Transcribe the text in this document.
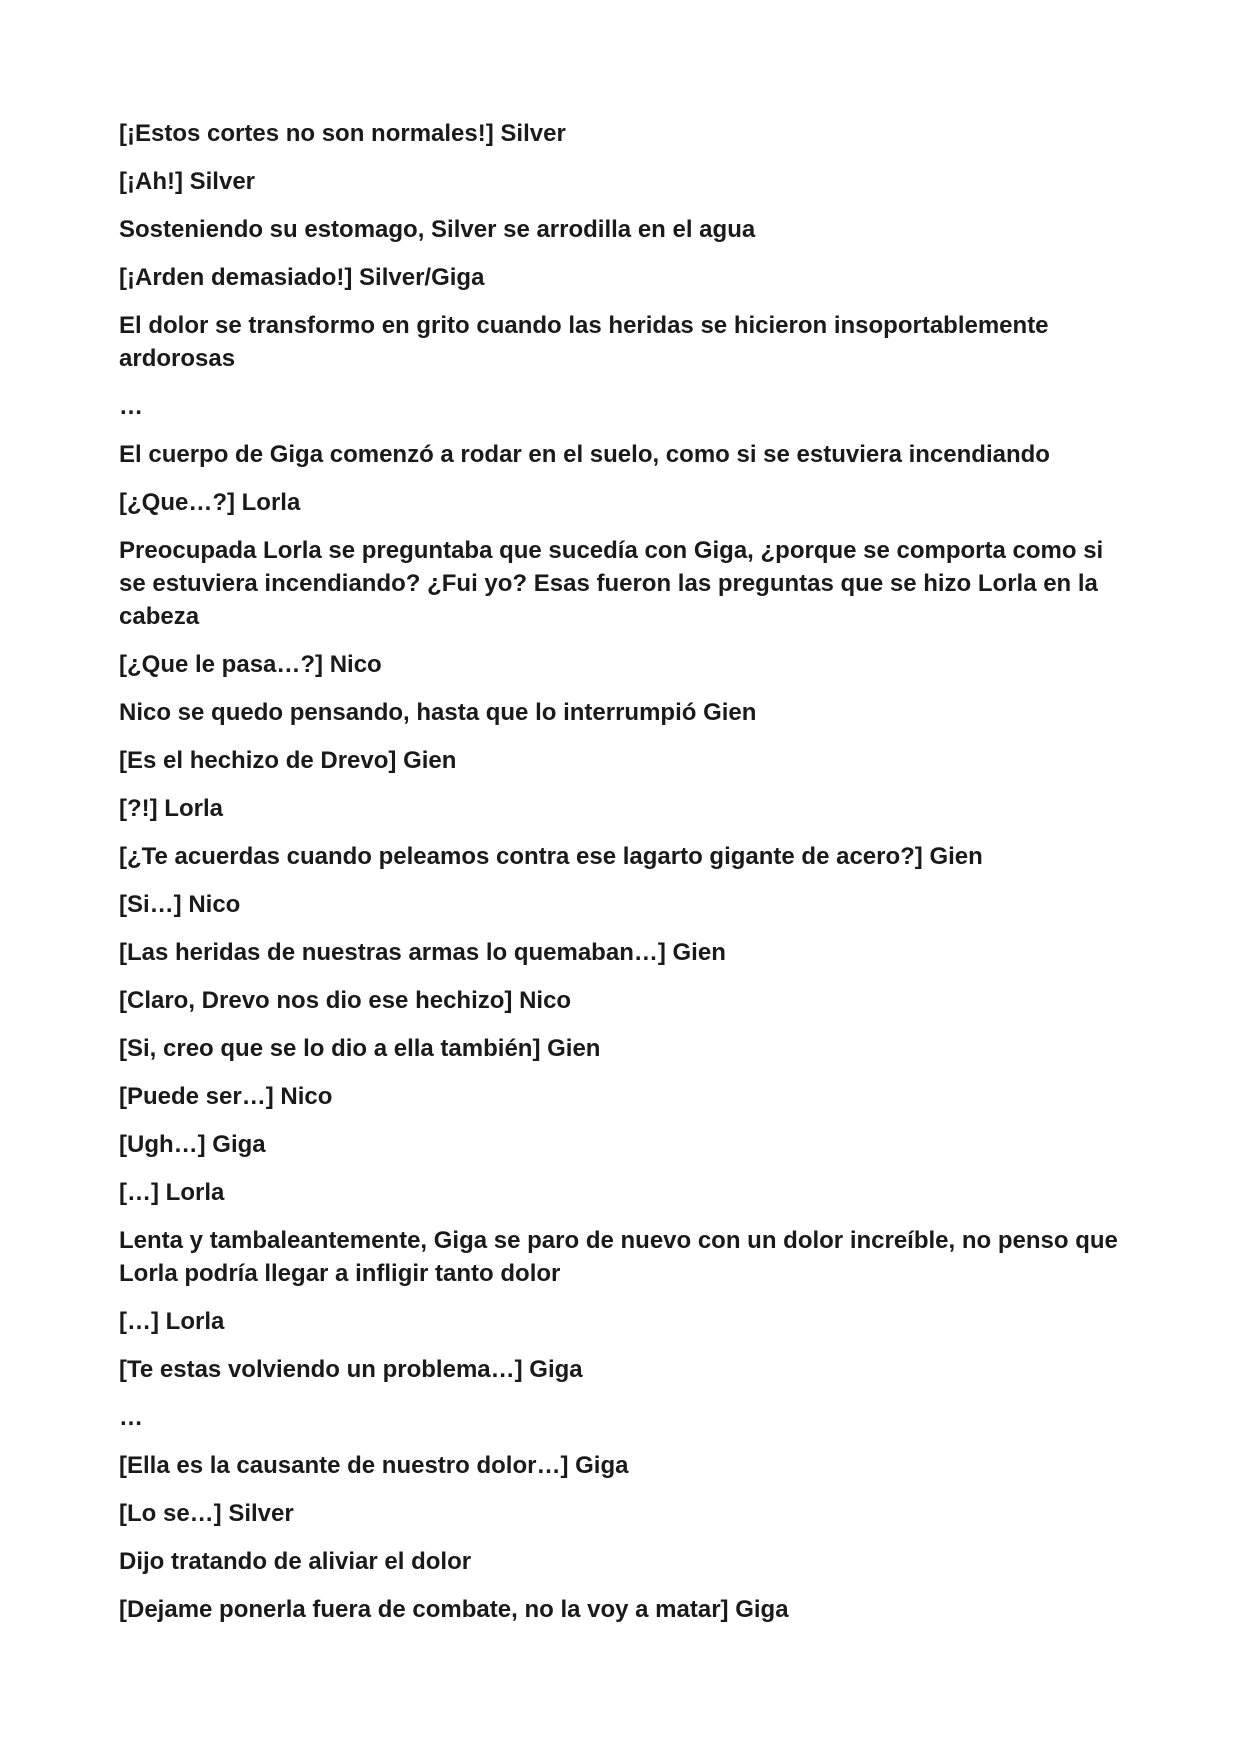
[¡Estos cortes no son normales!] Silver

[¡Ah!] Silver

Sosteniendo su estomago, Silver se arrodilla en el agua

[¡Arden demasiado!] Silver/Giga

El dolor se transformo en grito cuando las heridas se hicieron insoportablemente ardorosas

…

El cuerpo de Giga comenzó a rodar en el suelo, como si se estuviera incendiando

[¿Que…?] Lorla

Preocupada Lorla se preguntaba que sucedía con Giga, ¿porque se comporta como si se estuviera incendiando? ¿Fui yo? Esas fueron las preguntas que se hizo Lorla en la cabeza

[¿Que le pasa…?] Nico

Nico se quedo pensando, hasta que lo interrumpió Gien

[Es el hechizo de Drevo] Gien

[?!] Lorla

[¿Te acuerdas cuando peleamos contra ese lagarto gigante de acero?] Gien

[Si…] Nico

[Las heridas de nuestras armas lo quemaban…] Gien

[Claro, Drevo nos dio ese hechizo] Nico

[Si, creo que se lo dio a ella también] Gien

[Puede ser…] Nico

[Ugh…] Giga

[…] Lorla

Lenta y tambaleantemente, Giga se paro de nuevo con un dolor increíble, no penso que Lorla podría llegar a infligir tanto dolor

[…] Lorla

[Te estas volviendo un problema…] Giga

…

[Ella es la causante de nuestro dolor…] Giga

[Lo se…] Silver

Dijo tratando de aliviar el dolor

[Dejame ponerla fuera de combate, no la voy a matar] Giga
